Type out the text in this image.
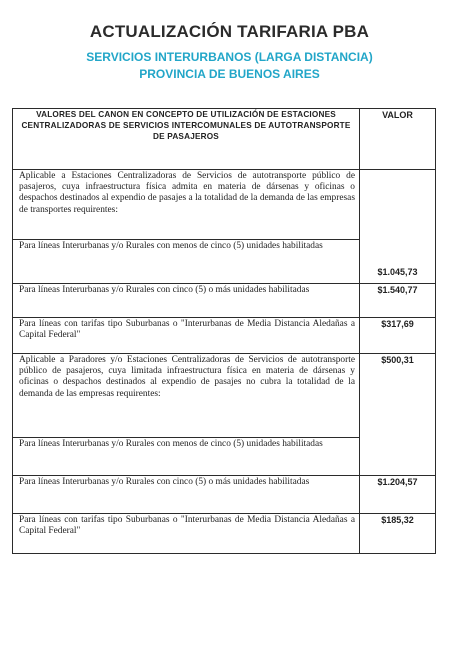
ACTUALIZACIÓN TARIFARIA PBA
SERVICIOS INTERURBANOS (LARGA DISTANCIA)
PROVINCIA DE BUENOS AIRES
VALORES DEL CANON EN CONCEPTO DE UTILIZACIÓN DE ESTACIONES CENTRALIZADORAS DE SERVICIOS INTERCOMUNALES DE AUTOTRANSPORTE DE PASAJEROS	VALOR
Aplicable a Estaciones Centralizadoras de Servicios de autotransporte público de pasajeros, cuya infraestructura física admita en materia de dársenas y oficinas o despachos destinados al expendio de pasajes a la totalidad de la demanda de las empresas de transportes requirentes:	$1.045,73
Para líneas Interurbanas y/o Rurales con menos de cinco (5) unidades habilitadas	
Para líneas Interurbanas y/o Rurales con cinco (5) o más unidades habilitadas	$1.540,77
Para líneas con tarifas tipo Suburbanas o "Interurbanas de Media Distancia Aledañas a Capital Federal"	$317,69
Aplicable a Paradores y/o Estaciones Centralizadoras de Servicios de autotransporte público de pasajeros, cuya limitada infraestructura física en materia de dársenas y oficinas o despachos destinados al expendio de pasajes no cubra la totalidad de la demanda de las empresas requirentes:	$500,31
Para líneas Interurbanas y/o Rurales con menos de cinco (5) unidades habilitadas	
Para líneas Interurbanas y/o Rurales con cinco (5) o más unidades habilitadas	$1.204,57
Para líneas con tarifas tipo Suburbanas o "Interurbanas de Media Distancia Aledañas a Capital Federal"	$185,32
